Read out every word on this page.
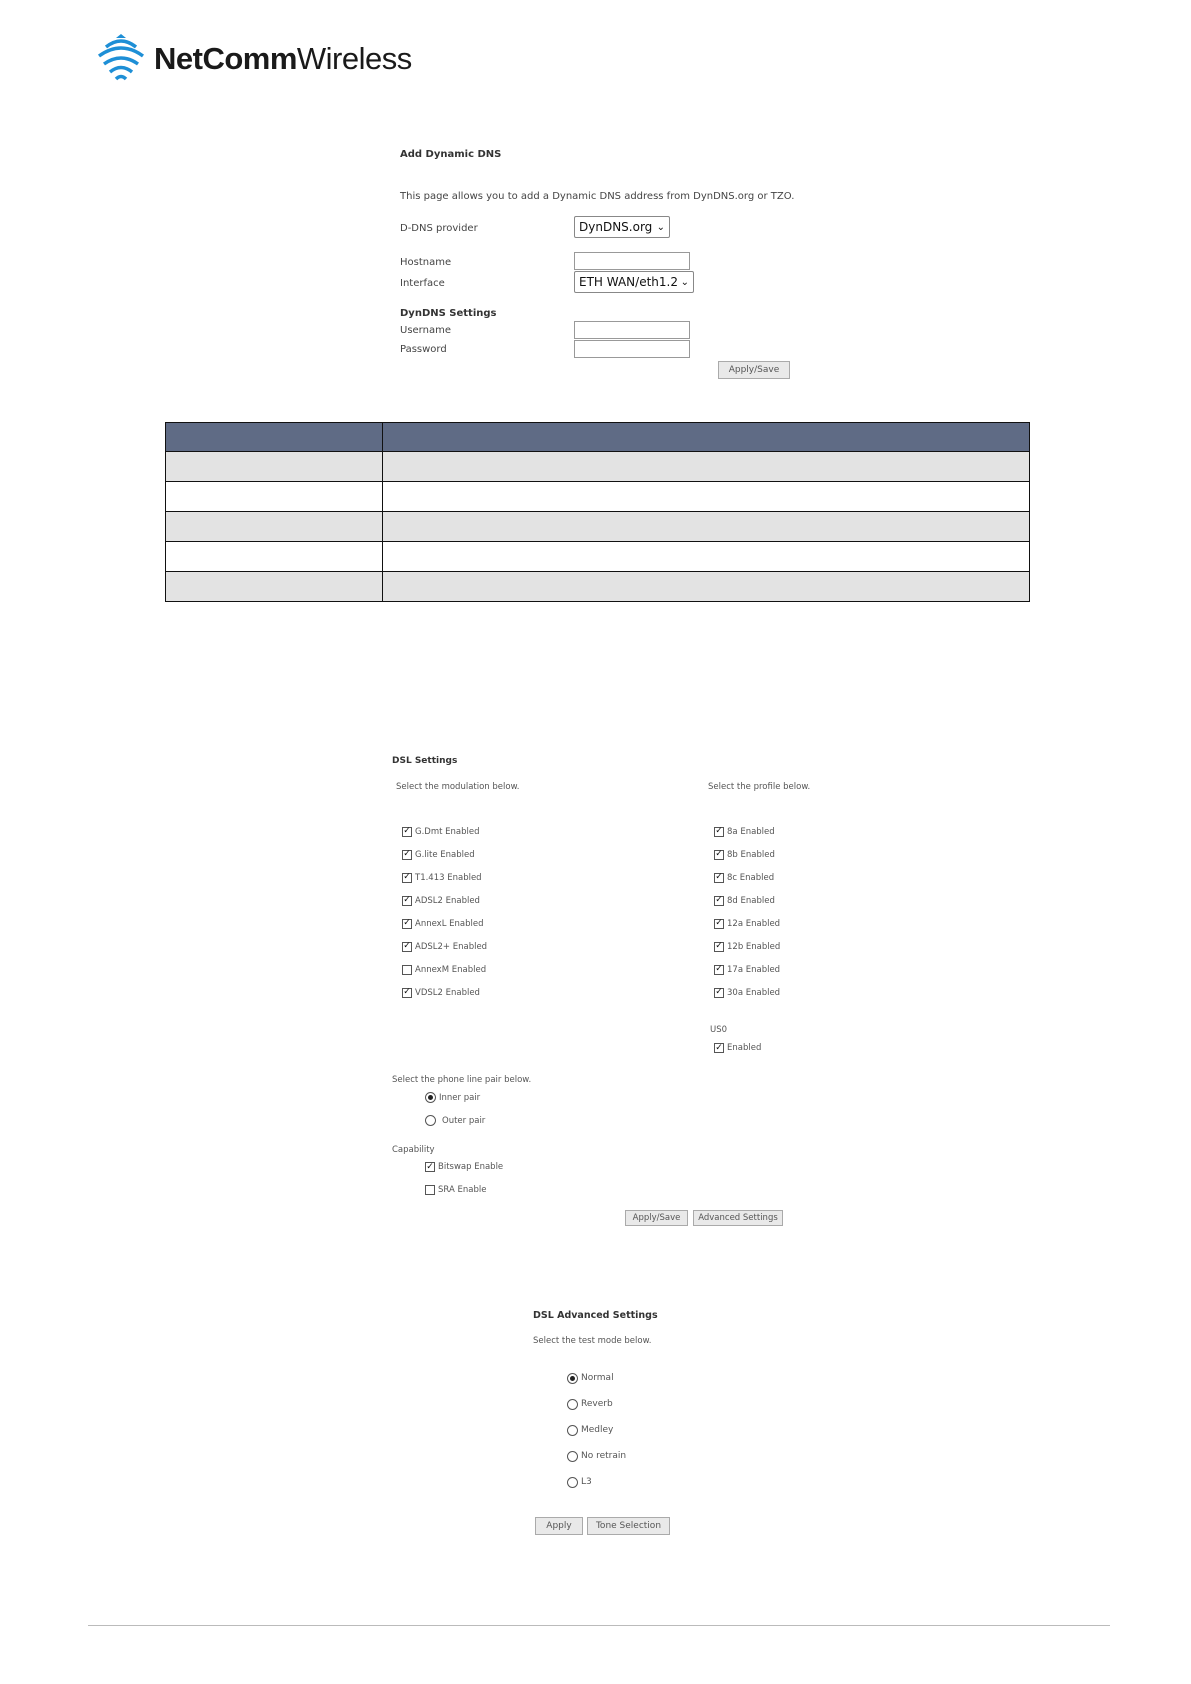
NetCommWireless
Add Dynamic DNS
This page allows you to add a Dynamic DNS address from DynDNS.org or TZO.
D-DNS provider	DynDNS.org ⌄
Hostname
Interface	ETH WAN/eth1.2 ⌄
DynDNS Settings
Username
Password
Apply/Save

DSL Settings
Select the modulation below.	Select the profile below.
✓ G.Dmt Enabled
✓ G.lite Enabled
✓ T1.413 Enabled
✓ ADSL2 Enabled
✓ AnnexL Enabled
✓ ADSL2+ Enabled
AnnexM Enabled
✓ VDSL2 Enabled
✓ 8a Enabled
✓ 8b Enabled
✓ 8c Enabled
✓ 8d Enabled
✓ 12a Enabled
✓ 12b Enabled
✓ 17a Enabled
✓ 30a Enabled
US0
✓ Enabled
Select the phone line pair below.
Inner pair
Outer pair
Capability
✓ Bitswap Enable
SRA Enable
Apply/Save	Advanced Settings
DSL Advanced Settings
Select the test mode below.
Normal
Reverb
Medley
No retrain
L3
Apply	Tone Selection
